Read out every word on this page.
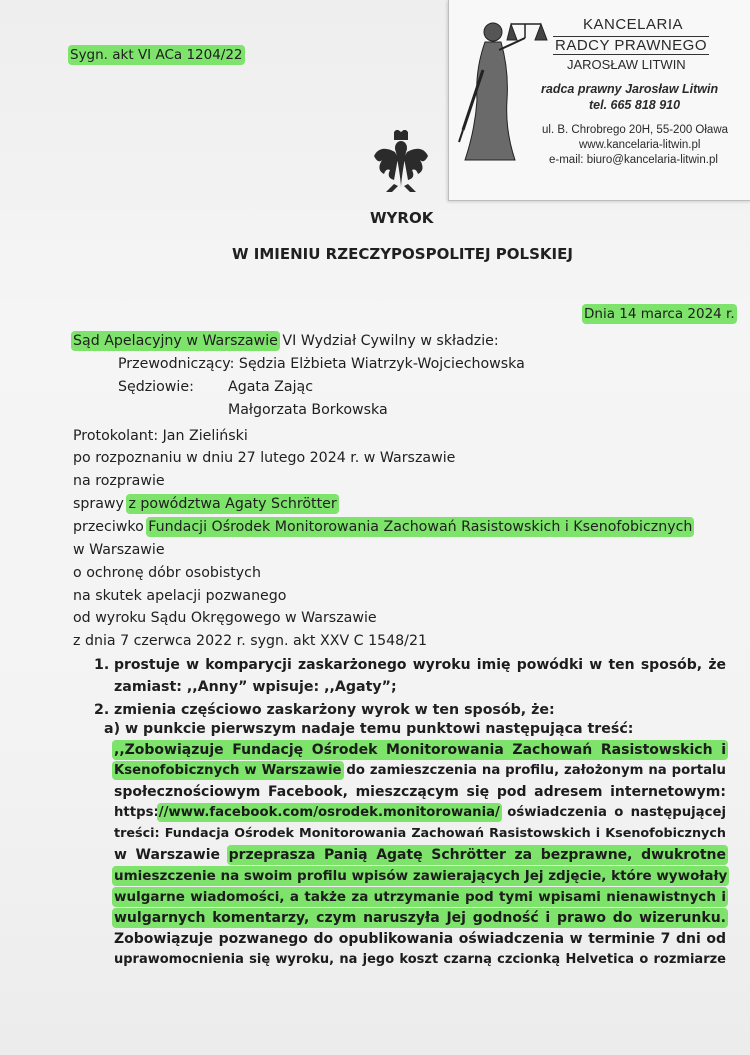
Sygn. akt VI ACa 1204/22
KANCELARIA
RADCY PRAWNEGO
JAROSŁAW LITWIN
radca prawny Jarosław Litwin
tel. 665 818 910
ul. B. Chrobrego 20H, 55-200 Oława
www.kancelaria-litwin.pl
e-mail: biuro@kancelaria-litwin.pl
WYROK
W IMIENIU RZECZYPOSPOLITEJ POLSKIEJ
Dnia 14 marca 2024 r.
Sąd Apelacyjny w Warszawie VI Wydział Cywilny w składzie:
Przewodniczący: Sędzia Elżbieta Wiatrzyk-Wojciechowska
Sędziowie: Agata Zając
Małgorzata Borkowska
Protokolant: Jan Zieliński
po rozpoznaniu w dniu 27 lutego 2024 r. w Warszawie
na rozprawie
sprawy z powództwa Agaty Schrötter
przeciwko Fundacji Ośrodek Monitorowania Zachowań Rasistowskich i Ksenofobicznych
w Warszawie
o ochronę dóbr osobistych
na skutek apelacji pozwanego
od wyroku Sądu Okręgowego w Warszawie
z dnia 7 czerwca 2022 r. sygn. akt XXV C 1548/21
1. prostuje w komparycji zaskarżonego wyroku imię powódki w ten sposób, że
zamiast: ,,Anny” wpisuje: ,,Agaty”;
2. zmienia częściowo zaskarżony wyrok w ten sposób, że:
a) w punkcie pierwszym nadaje temu punktowi następująca treść:
,,Zobowiązuje Fundację Ośrodek Monitorowania Zachowań Rasistowskich i
Ksenofobicznych w Warszawie do zamieszczenia na profilu, założonym na portalu
społecznościowym Facebook, mieszczącym się pod adresem internetowym:
https://www.facebook.com/osrodek.monitorowania/ oświadczenia o następującej
treści: Fundacja Ośrodek Monitorowania Zachowań Rasistowskich i Ksenofobicznych
w Warszawie przeprasza Panią Agatę Schrötter za bezprawne, dwukrotne
umieszczenie na swoim profilu wpisów zawierających Jej zdjęcie, które wywołały
wulgarne wiadomości, a także za utrzymanie pod tymi wpisami nienawistnych i
wulgarnych komentarzy, czym naruszyła Jej godność i prawo do wizerunku.
Zobowiązuje pozwanego do opublikowania oświadczenia w terminie 7 dni od
uprawomocnienia się wyroku, na jego koszt czarną czcionką Helvetica o rozmiarze
